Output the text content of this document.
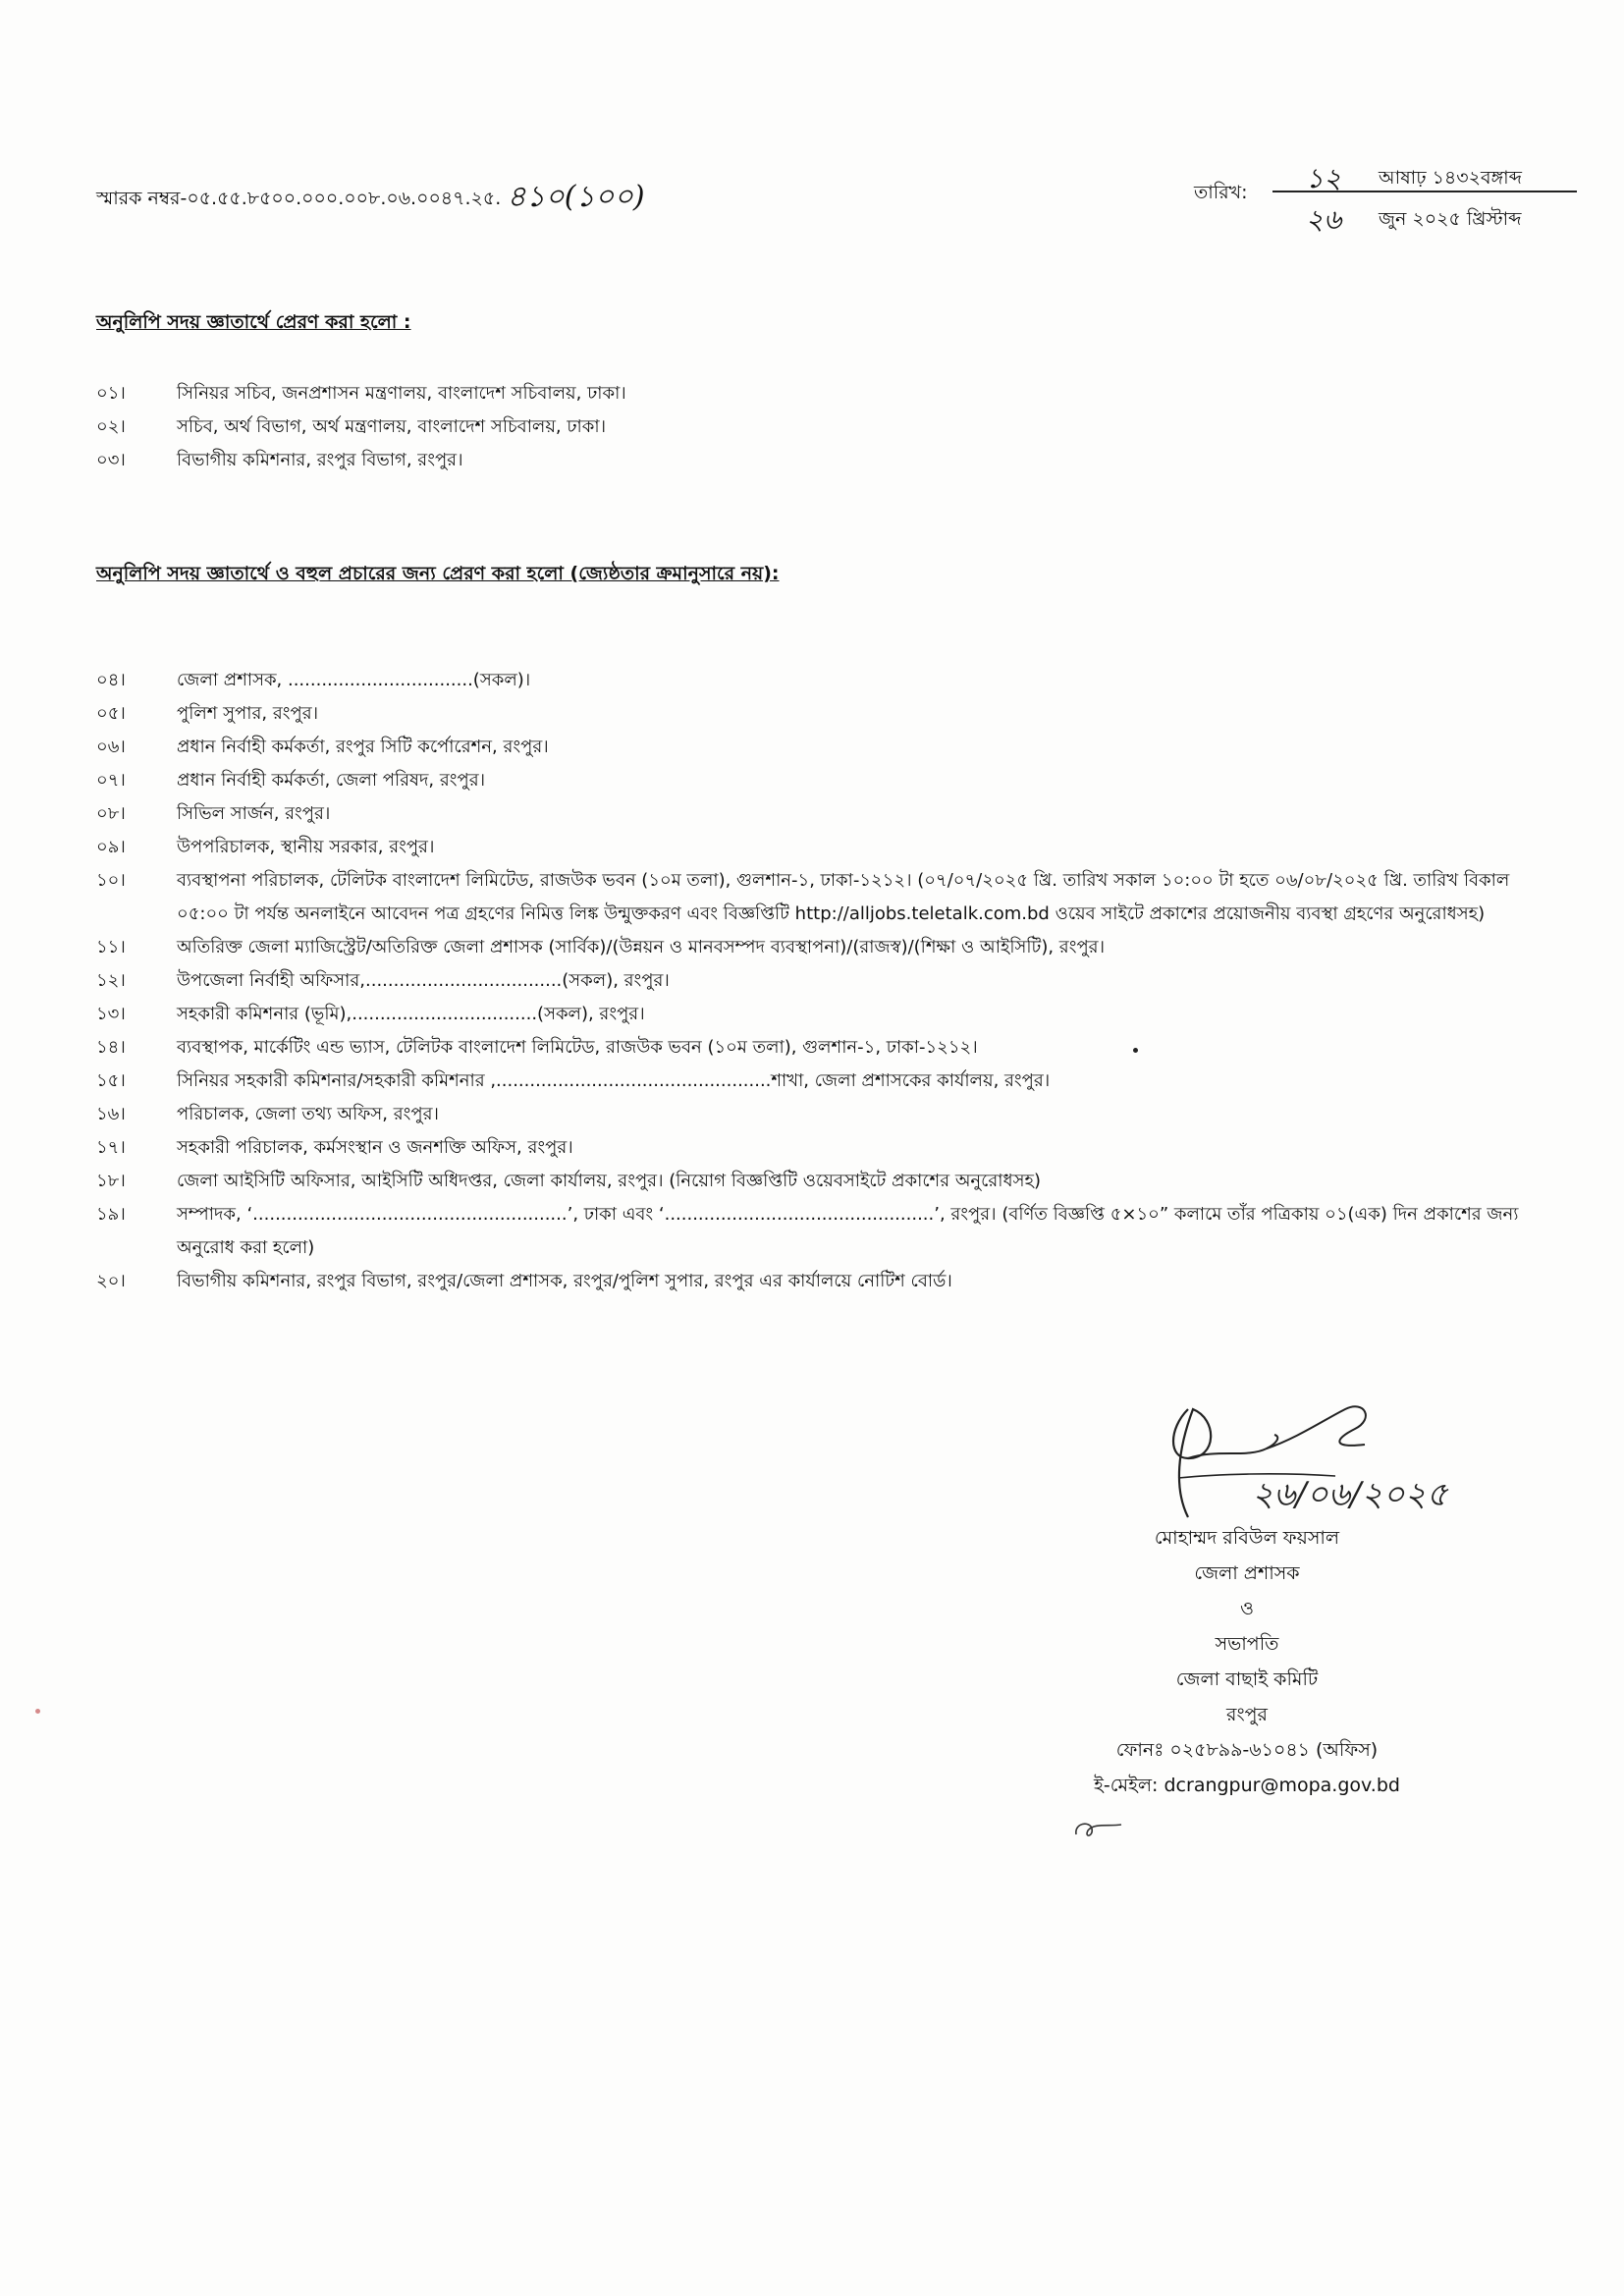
স্মারক নম্বর-০৫.৫৫.৮৫০০.০০০.০০৮.০৬.০০৪৭.২৫. ৪১০(১০০)	তারিখ:	১২ আষাঢ় ১৪৩২বঙ্গাব্দ
২৬ জুন ২০২৫ খ্রিস্টাব্দ
অনুলিপি সদয় জ্ঞাতার্থে প্রেরণ করা হলো :
০১।	সিনিয়র সচিব, জনপ্রশাসন মন্ত্রণালয়, বাংলাদেশ সচিবালয়, ঢাকা।
০২।	সচিব, অর্থ বিভাগ, অর্থ মন্ত্রণালয়, বাংলাদেশ সচিবালয়, ঢাকা।
০৩।	বিভাগীয় কমিশনার, রংপুর বিভাগ, রংপুর।
অনুলিপি সদয় জ্ঞাতার্থে ও বহুল প্রচারের জন্য প্রেরণ করা হলো (জ্যেষ্ঠতার ক্রমানুসারে নয়):
০৪।	জেলা প্রশাসক, .................................(সকল)।
০৫।	পুলিশ সুপার, রংপুর।
০৬।	প্রধান নির্বাহী কর্মকর্তা, রংপুর সিটি কর্পোরেশন, রংপুর।
০৭।	প্রধান নির্বাহী কর্মকর্তা, জেলা পরিষদ, রংপুর।
০৮।	সিভিল সার্জন, রংপুর।
০৯।	উপপরিচালক, স্থানীয় সরকার, রংপুর।
১০।	ব্যবস্থাপনা পরিচালক, টেলিটক বাংলাদেশ লিমিটেড, রাজউক ভবন (১০ম তলা), গুলশান-১, ঢাকা-১২১২। (০৭/০৭/২০২৫ খ্রি. তারিখ সকাল ১০:০০ টা হতে ০৬/০৮/২০২৫ খ্রি. তারিখ বিকাল ০৫:০০ টা পর্যন্ত অনলাইনে আবেদন পত্র গ্রহণের নিমিত্ত লিঙ্ক উন্মুক্তকরণ এবং বিজ্ঞপ্তিটি http://alljobs.teletalk.com.bd ওয়েব সাইটে প্রকাশের প্রয়োজনীয় ব্যবস্থা গ্রহণের অনুরোধসহ)
১১।	অতিরিক্ত জেলা ম্যাজিস্ট্রেট/অতিরিক্ত জেলা প্রশাসক (সার্বিক)/(উন্নয়ন ও মানবসম্পদ ব্যবস্থাপনা)/(রাজস্ব)/(শিক্ষা ও আইসিটি), রংপুর।
১২।	উপজেলা নির্বাহী অফিসার,...................................(সকল), রংপুর।
১৩।	সহকারী কমিশনার (ভূমি),.................................(সকল), রংপুর।
১৪।	ব্যবস্থাপক, মার্কেটিং এন্ড ভ্যাস, টেলিটক বাংলাদেশ লিমিটেড, রাজউক ভবন (১০ম তলা), গুলশান-১, ঢাকা-১২১২।
১৫।	সিনিয়র সহকারী কমিশনার/সহকারী কমিশনার ,.................................................শাখা, জেলা প্রশাসকের কার্যালয়, রংপুর।
১৬।	পরিচালক, জেলা তথ্য অফিস, রংপুর।
১৭।	সহকারী পরিচালক, কর্মসংস্থান ও জনশক্তি অফিস, রংপুর।
১৮।	জেলা আইসিটি অফিসার, আইসিটি অধিদপ্তর, জেলা কার্যালয়, রংপুর। (নিয়োগ বিজ্ঞপ্তিটি ওয়েবসাইটে প্রকাশের অনুরোধসহ)
১৯।	সম্পাদক, ‘........................................................’, ঢাকা এবং ‘................................................’, রংপুর। (বর্ণিত বিজ্ঞপ্তি ৫×১০” কলামে তাঁর পত্রিকায় ০১(এক) দিন প্রকাশের জন্য অনুরোধ করা হলো)
২০।	বিভাগীয় কমিশনার, রংপুর বিভাগ, রংপুর/জেলা প্রশাসক, রংপুর/পুলিশ সুপার, রংপুর এর কার্যালয়ে নোটিশ বোর্ড।
২৬/০৬/২০২৫
মোহাম্মদ রবিউল ফয়সাল
জেলা প্রশাসক
ও
সভাপতি
জেলা বাছাই কমিটি
রংপুর
ফোনঃ ০২৫৮৯৯-৬১০৪১ (অফিস)
ই-মেইল: dcrangpur@mopa.gov.bd
